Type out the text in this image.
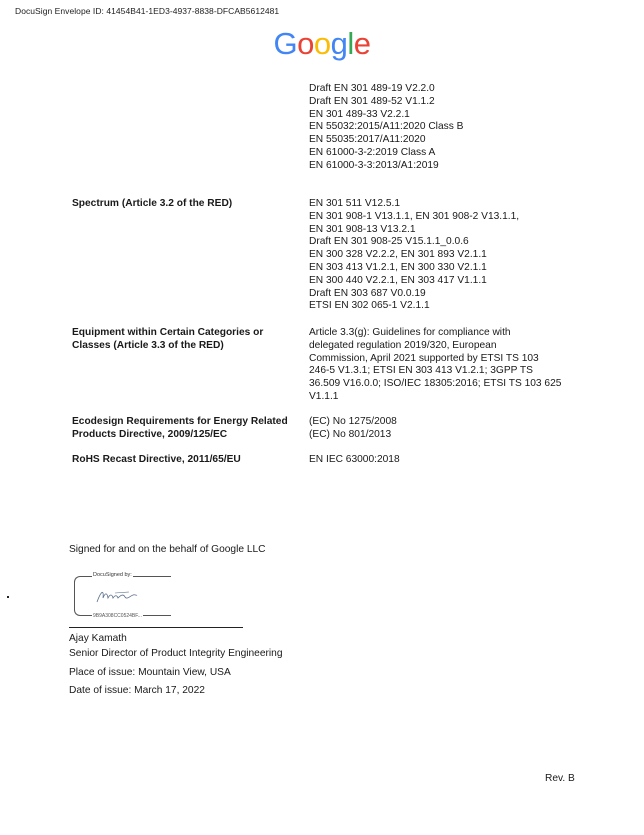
DocuSign Envelope ID: 41454B41-1ED3-4937-8838-DFCAB5612481
Google
Draft EN 301 489-19 V2.2.0
Draft EN 301 489-52 V1.1.2
EN 301 489-33 V2.2.1
EN 55032:2015/A11:2020 Class B
EN 55035:2017/A11:2020
EN 61000-3-2:2019 Class A
EN 61000-3-3:2013/A1:2019
Spectrum (Article 3.2 of the RED)	EN 301 511 V12.5.1
EN 301 908-1 V13.1.1, EN 301 908-2 V13.1.1,
EN 301 908-13 V13.2.1
Draft EN 301 908-25 V15.1.1_0.0.6
EN 300 328 V2.2.2, EN 301 893 V2.1.1
EN 303 413 V1.2.1, EN 300 330 V2.1.1
EN 300 440 V2.2.1, EN 303 417 V1.1.1
Draft EN 303 687 V0.0.19
ETSI EN 302 065-1 V2.1.1
Equipment within Certain Categories or
Classes (Article 3.3 of the RED)
Article 3.3(g): Guidelines for compliance with
delegated regulation 2019/320, European
Commission, April 2021 supported by ETSI TS 103
246-5 V1.3.1; ETSI EN 303 413 V1.2.1; 3GPP TS
36.509 V16.0.0; ISO/IEC 18305:2016; ETSI TS 103 625
V1.1.1
Ecodesign Requirements for Energy Related
Products Directive, 2009/125/EC
(EC) No 1275/2008
(EC) No 801/2013
RoHS Recast Directive, 2011/65/EU	EN IEC 63000:2018
Signed for and on the behalf of Google LLC
DocuSigned by:
9B9A308CC0524BF...
Ajay Kamath
Senior Director of Product Integrity Engineering
Place of issue: Mountain View, USA
Date of issue: March 17, 2022
Rev. B
